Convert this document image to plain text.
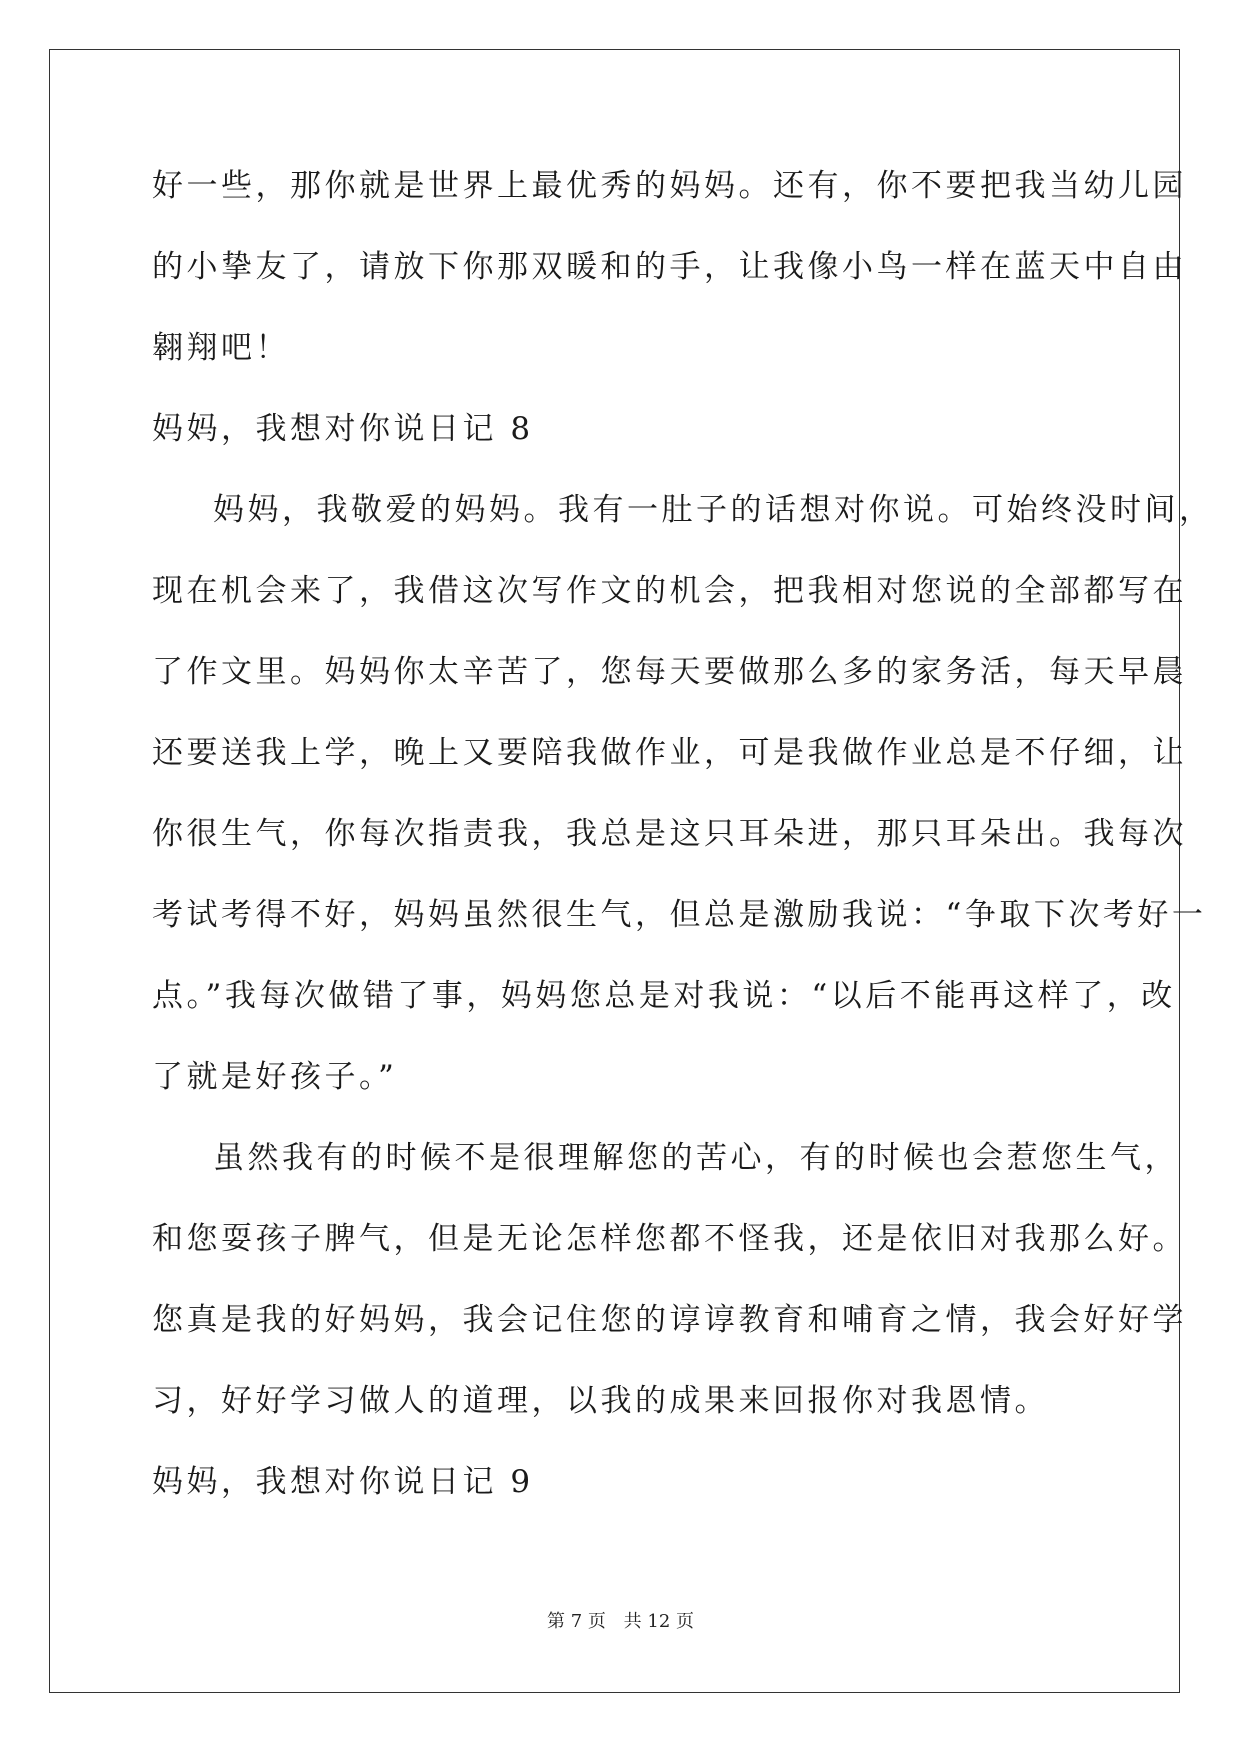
好一些，那你就是世界上最优秀的妈妈。还有，你不要把我当幼儿园
的小挚友了，请放下你那双暖和的手，让我像小鸟一样在蓝天中自由
翱翔吧！
妈妈，我想对你说日记 8
妈妈，我敬爱的妈妈。我有一肚子的话想对你说。可始终没时间，
现在机会来了，我借这次写作文的机会，把我相对您说的全部都写在
了作文里。妈妈你太辛苦了，您每天要做那么多的家务活，每天早晨
还要送我上学，晚上又要陪我做作业，可是我做作业总是不仔细，让
你很生气，你每次指责我，我总是这只耳朵进，那只耳朵出。我每次
考试考得不好，妈妈虽然很生气，但总是激励我说：“争取下次考好一
点。”我每次做错了事，妈妈您总是对我说：“以后不能再这样了，改
了就是好孩子。”
虽然我有的时候不是很理解您的苦心，有的时候也会惹您生气，
和您耍孩子脾气，但是无论怎样您都不怪我，还是依旧对我那么好。
您真是我的好妈妈，我会记住您的谆谆教育和哺育之情，我会好好学
习，好好学习做人的道理，以我的成果来回报你对我恩情。
妈妈，我想对你说日记 9
第 7 页 共 12 页
